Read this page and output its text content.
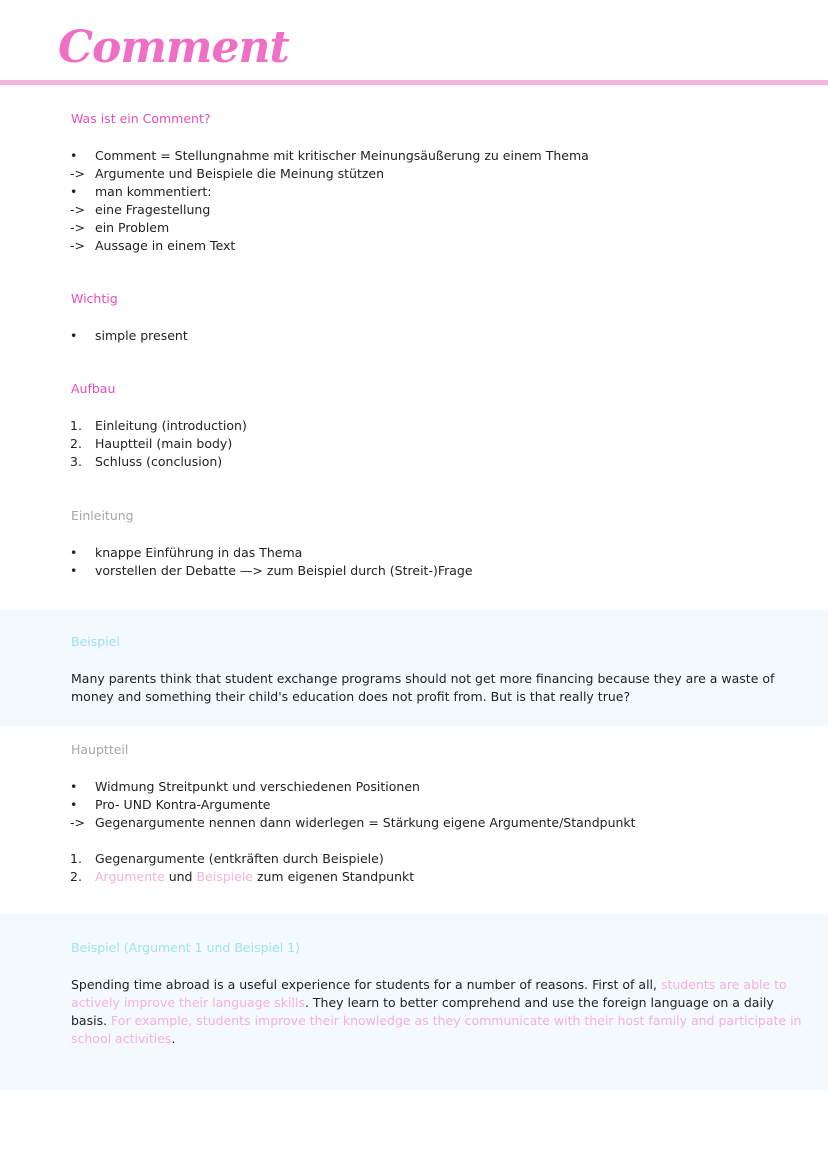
Comment
Was ist ein Comment?
•	Comment = Stellungnahme mit kritischer Meinungsäußerung zu einem Thema
-> Argumente und Beispiele die Meinung stützen
•	man kommentiert:
-> eine Fragestellung
-> ein Problem
-> Aussage in einem Text
Wichtig
•	simple present
Aufbau
1.	Einleitung (introduction)
2.	Hauptteil (main body)
3.	Schluss (conclusion)
Einleitung
•	knappe Einführung in das Thema
•	vorstellen der Debatte —> zum Beispiel durch (Streit-)Frage
Beispiel

Many parents think that student exchange programs should not get more financing because they are a waste of money and something their child's education does not profit from. But is that really true?

Hauptteil
•	Widmung Streitpunkt und verschiedenen Positionen
•	Pro- UND Kontra-Argumente
-> Gegenargumente nennen dann widerlegen = Stärkung eigene Argumente/Standpunkt
1.	Gegenargumente (entkräften durch Beispiele)
2.	Argumente und Beispiele zum eigenen Standpunkt
Beispiel (Argument 1 und Beispiel 1)

Spending time abroad is a useful experience for students for a number of reasons. First of all, students are able to actively improve their language skills. They learn to better comprehend and use the foreign language on a daily basis. For example, students improve their knowledge as they communicate with their host family and participate in school activities.
